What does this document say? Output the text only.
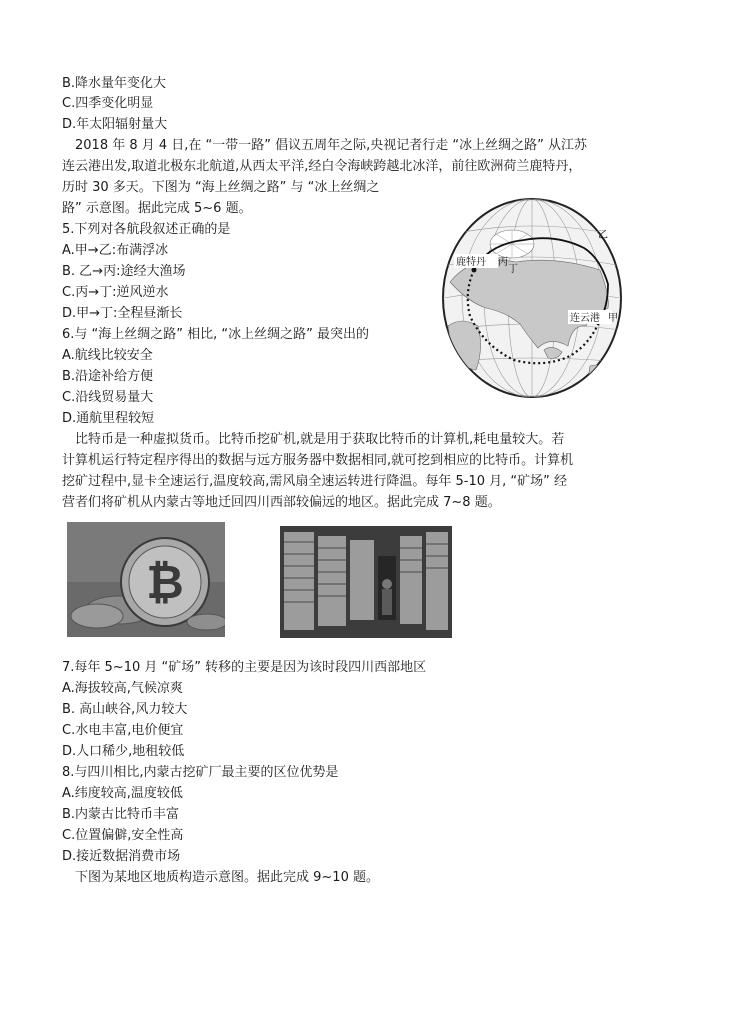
B.降水量年变化大
C.四季变化明显
D.年太阳辐射量大
2018 年 8 月 4 日,在 “一带一路” 倡议五周年之际,央视记者行走 “冰上丝绸之路” 从江苏
连云港出发,取道北极东北航道,从西太平洋,经白令海峡跨越北冰洋，前往欧洲荷兰鹿特丹，
历时 30 多天。下图为 “海上丝绸之路” 与 “冰上丝绸之
路” 示意图。据此完成 5~6 题。
5.下列对各航段叙述正确的是
A.甲→乙:布满浮冰
B. 乙→丙:途经大渔场
C.丙→丁:逆风逆水
D.甲→丁:全程昼渐长
6.与 “海上丝绸之路” 相比, “冰上丝绸之路” 最突出的
A.航线比较安全
B.沿途补给方便
C.沿线贸易量大
D.通航里程较短
比特币是一种虚拟货币。比特币挖矿机,就是用于获取比特币的计算机,耗电量较大。若
计算机运行特定程序得出的数据与远方服务器中数据相同,就可挖到相应的比特币。计算机
挖矿过程中,显卡全速运行,温度较高,需风扇全速运转进行降温。每年 5-10 月, “矿场” 经
营者们将矿机从内蒙古等地迁回四川西部较偏远的地区。据此完成 7~8 题。
7.每年 5~10 月 “矿场” 转移的主要是因为该时段四川西部地区
A.海拔较高,气候凉爽
B. 高山峡谷,风力较大
C.水电丰富,电价便宜
D.人口稀少,地租较低
8.与四川相比,内蒙古挖矿厂最主要的区位优势是
A.纬度较高,温度较低
B.内蒙古比特币丰富
C.位置偏僻,安全性高
D.接近数据消费市场
下图为某地区地质构造示意图。据此完成 9~10 题。
鹿特丹 丙
丁
乙
连云港 甲
₿
